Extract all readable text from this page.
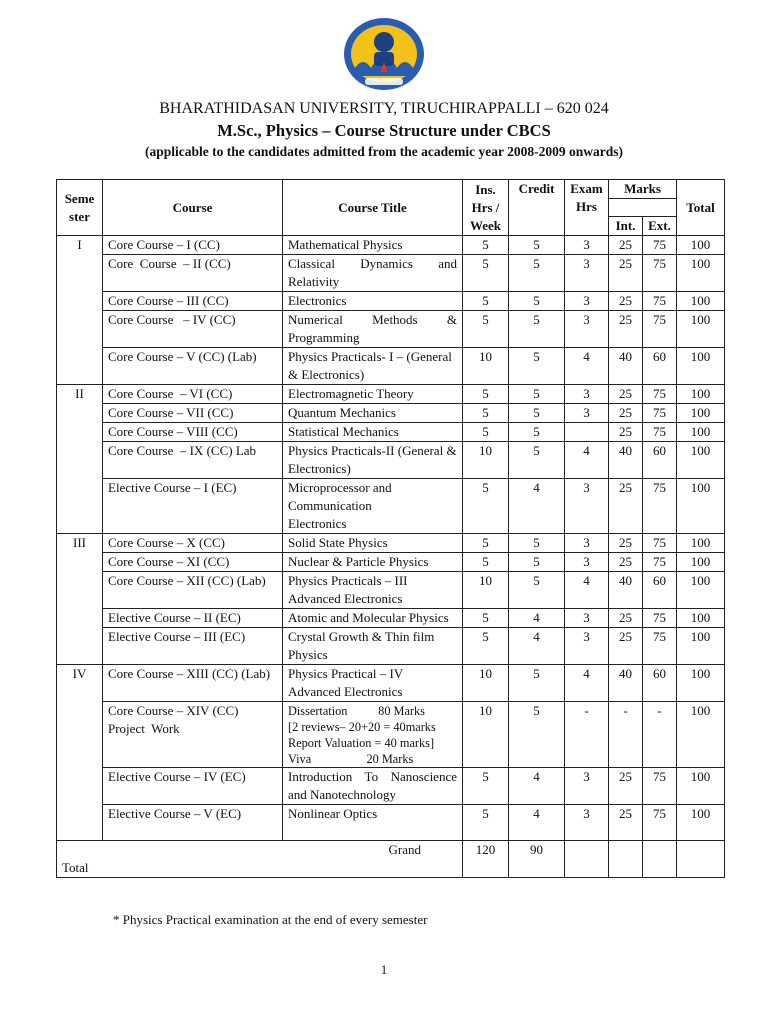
BHARATHIDASAN UNIVERSITY, TIRUCHIRAPPALLI – 620 024
M.Sc., Physics – Course Structure under CBCS
(applicable to the candidates admitted from the academic year 2008-2009 onwards)
Seme ster	Course	Course Title	Ins. Hrs / Week	Credit	Exam Hrs	Marks		Total

						Int.	Ext.	
I	Core Course – I (CC)	Mathematical Physics	5	5	3	25	75	100
	Core  Course  – II (CC)	Classical Dynamics and Relativity	5	5	3	25	75	100
	Core Course – III (CC)	Electronics	5	5	3	25	75	100
	Core Course   – IV (CC)	Numerical Methods & Programming	5	5	3	25	75	100
	Core Course – V (CC) (Lab)	Physics Practicals- I – (General & Electronics)	10	5	4	40	60	100
II	Core Course  – VI (CC)	Electromagnetic Theory	5	5	3	25	75	100
	Core Course – VII (CC)	Quantum Mechanics	5	5	3	25	75	100
	Core Course – VIII (CC)	Statistical Mechanics	5	5		25	75	100
	Core Course  – IX (CC) Lab	Physics Practicals-II (General & Electronics)	10	5	4	40	60	100
	Elective Course – I (EC)	Microprocessor and Communication Electronics	5	4	3	25	75	100
III	Core Course – X (CC)	Solid State Physics	5	5	3	25	75	100
	Core Course – XI (CC)	Nuclear & Particle Physics	5	5	3	25	75	100
	Core Course – XII (CC) (Lab)	Physics Practicals – III Advanced Electronics	10	5	4	40	60	100
	Elective Course – II (EC)	Atomic and Molecular Physics	5	4	3	25	75	100
	Elective Course – III (EC)	Crystal Growth & Thin film Physics	5	4	3	25	75	100
IV	Core Course – XIII (CC) (Lab)	Physics Practical – IV Advanced Electronics	10	5	4	40	60	100
	Core Course – XIV (CC) Project  Work	Dissertation          80 Marks
[2 reviews– 20+20 = 40marks
Report Valuation = 40 marks]
Viva                  20 Marks	10	5	-	-	-	100
	Elective Course – IV (EC)	Introduction To Nanoscience and Nanotechnology	5	4	3	25	75	100
	Elective Course – V (EC)	Nonlinear Optics	5	4	3	25	75	100

Grand
Total			120	90				
* Physics Practical examination at the end of every semester
1
